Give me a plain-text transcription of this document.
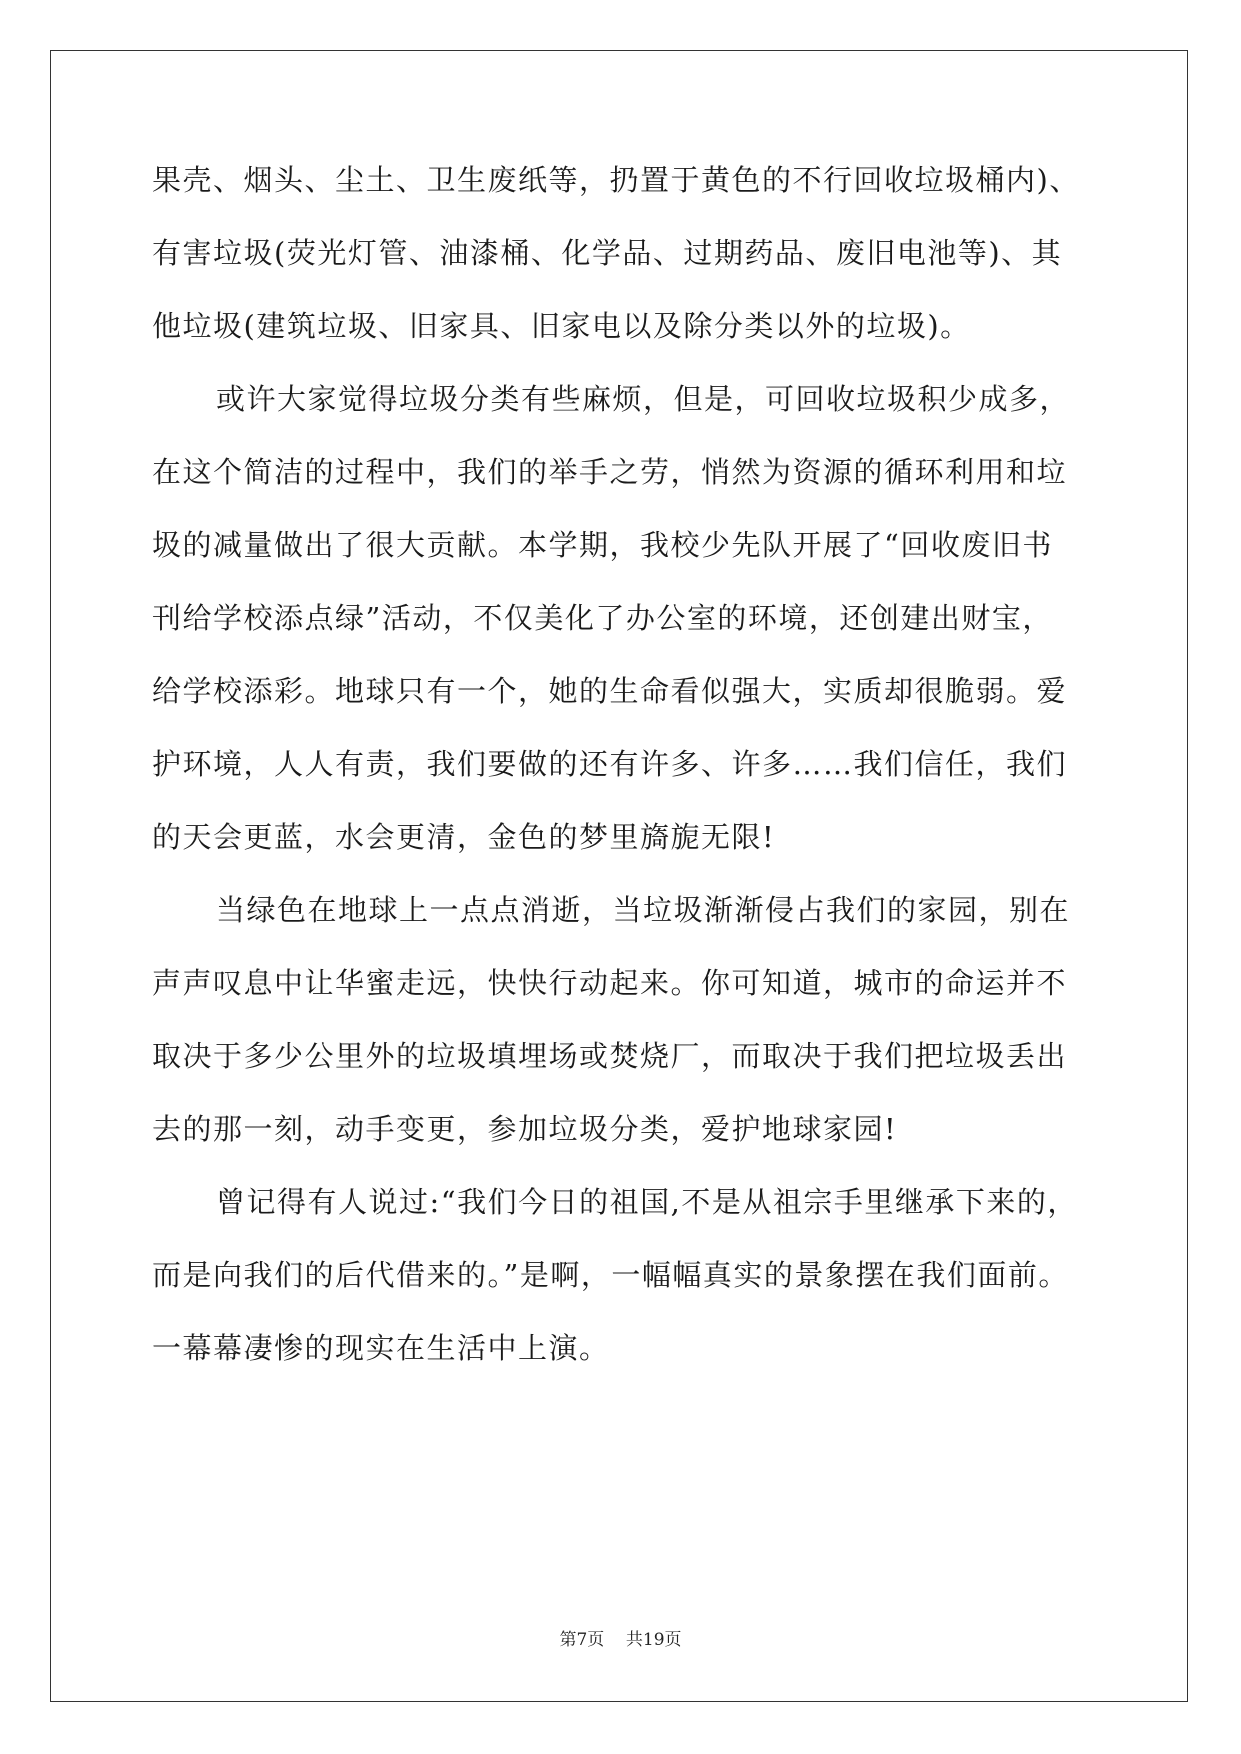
果壳、烟头、尘土、卫生废纸等，扔置于黄色的不行回收垃圾桶内)、
有害垃圾(荧光灯管、油漆桶、化学品、过期药品、废旧电池等)、其
他垃圾(建筑垃圾、旧家具、旧家电以及除分类以外的垃圾)。
或许大家觉得垃圾分类有些麻烦，但是，可回收垃圾积少成多，
在这个简洁的过程中，我们的举手之劳，悄然为资源的循环利用和垃
圾的减量做出了很大贡献。本学期，我校少先队开展了“回收废旧书
刊给学校添点绿”活动，不仅美化了办公室的环境，还创建出财宝，
给学校添彩。地球只有一个，她的生命看似强大，实质却很脆弱。爱
护环境，人人有责，我们要做的还有许多、许多……我们信任，我们
的天会更蓝，水会更清，金色的梦里旖旎无限!
当绿色在地球上一点点消逝，当垃圾渐渐侵占我们的家园，别在
声声叹息中让华蜜走远，快快行动起来。你可知道，城市的命运并不
取决于多少公里外的垃圾填埋场或焚烧厂，而取决于我们把垃圾丢出
去的那一刻，动手变更，参加垃圾分类，爱护地球家园!
曾记得有人说过:“我们今日的祖国,不是从祖宗手里继承下来的，
而是向我们的后代借来的。”是啊，一幅幅真实的景象摆在我们面前。
一幕幕凄惨的现实在生活中上演。
第7页 共19页
